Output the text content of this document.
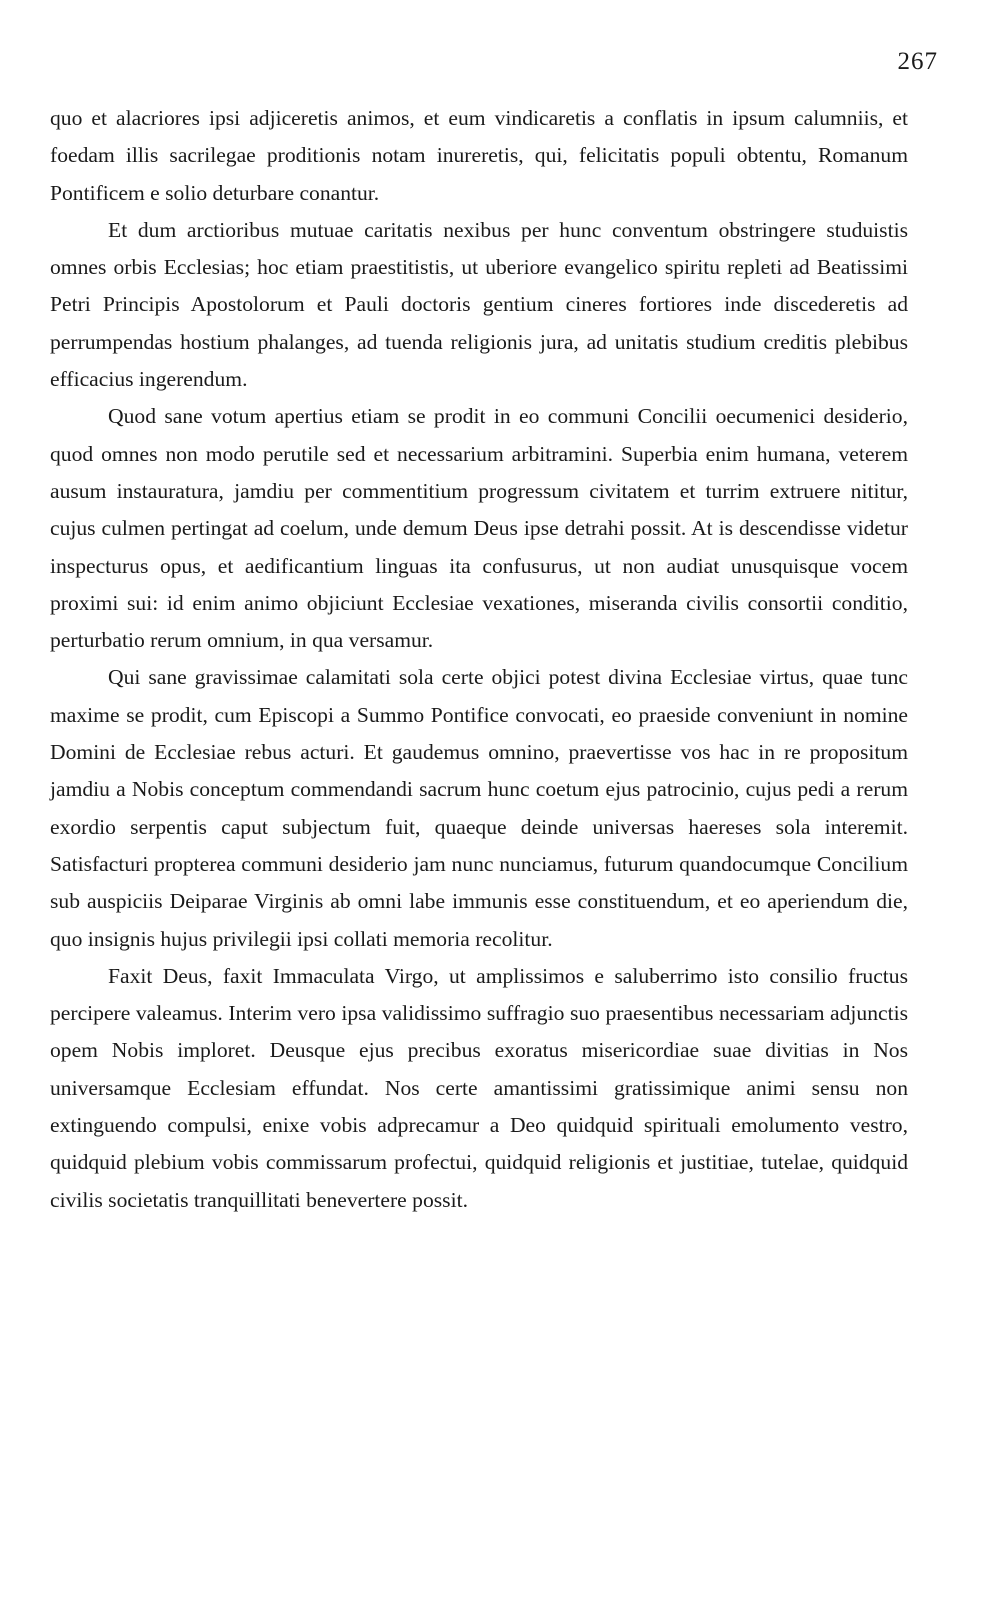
267

quo et alacriores ipsi adjiceretis animos, et eum vindicaretis a conflatis in ipsum calumniis, et foedam illis sacrilegae proditionis notam inureretis, qui, felicitatis populi obtentu, Romanum Pontificem e solio deturbare conantur.

Et dum arctioribus mutuae caritatis nexibus per hunc conventum obstringere studuistis omnes orbis Ecclesias; hoc etiam praestitistis, ut uberiore evangelico spiritu repleti ad Beatissimi Petri Principis Apostolorum et Pauli doctoris gentium cineres fortiores inde discederetis ad perrumpendas hostium phalanges, ad tuenda religionis jura, ad unitatis studium creditis plebibus efficacius ingerendum.

Quod sane votum apertius etiam se prodit in eo communi Concilii oecumenici desiderio, quod omnes non modo perutile sed et necessarium arbitramini. Superbia enim humana, veterem ausum instauratura, jamdiu per commentitium progressum civitatem et turrim extruere nititur, cujus culmen pertingat ad coelum, unde demum Deus ipse detrahi possit. At is descendisse videtur inspecturus opus, et aedificantium linguas ita confusurus, ut non audiat unusquisque vocem proximi sui: id enim animo objiciunt Ecclesiae vexationes, miseranda civilis consortii conditio, perturbatio rerum omnium, in qua versamur.

Qui sane gravissimae calamitati sola certe objici potest divina Ecclesiae virtus, quae tunc maxime se prodit, cum Episcopi a Summo Pontifice convocati, eo praeside conveniunt in nomine Domini de Ecclesiae rebus acturi. Et gaudemus omnino, praevertisse vos hac in re propositum jamdiu a Nobis conceptum commendandi sacrum hunc coetum ejus patrocinio, cujus pedi a rerum exordio serpentis caput subjectum fuit, quaeque deinde universas haereses sola interemit. Satisfacturi propterea communi desiderio jam nunc nunciamus, futurum quandocumque Concilium sub auspiciis Deiparae Virginis ab omni labe immunis esse constituendum, et eo aperiendum die, quo insignis hujus privilegii ipsi collati memoria recolitur.

Faxit Deus, faxit Immaculata Virgo, ut amplissimos e saluberrimo isto consilio fructus percipere valeamus. Interim vero ipsa validissimo suffragio suo praesentibus necessariam adjunctis opem Nobis imploret. Deusque ejus precibus exoratus misericordiae suae divitias in Nos universamque Ecclesiam effundat. Nos certe amantissimi gratissimique animi sensu non extinguendo compulsi, enixe vobis adprecamur a Deo quidquid spirituali emolumento vestro, quidquid plebium vobis commissarum profectui, quidquid religionis et justitiae, tutelae, quidquid civilis societatis tranquillitati benevertere possit.
